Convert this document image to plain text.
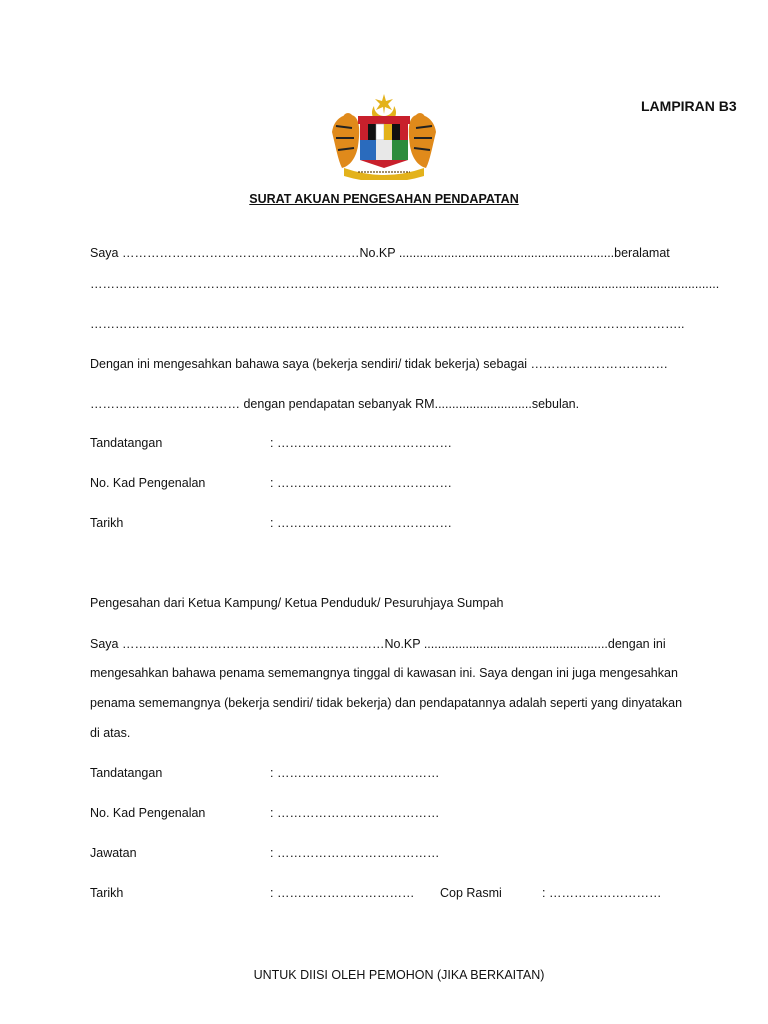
LAMPIRAN B3
SURAT AKUAN PENGESAHAN PENDAPATAN
Saya …………………………………………………No.KP ..............................................................beralamat
…………………………………………………………………………………………………................................................
……………………………………………………………………………………………………………………………..
Dengan ini mengesahkan bahawa saya (bekerja sendiri/ tidak bekerja) sebagai ……………………………
……………………………… dengan pendapatan sebanyak RM............................sebulan.
Tandatangan	: ……………………………………
No. Kad Pengenalan	: ……………………………………
Tarikh	: ……………………………………
Pengesahan dari Ketua Kampung/ Ketua Penduduk/ Pesuruhjaya Sumpah
Saya ………………………………………………………No.KP .....................................................dengan ini
mengesahkan bahawa penama sememangnya tinggal di kawasan ini. Saya dengan ini juga mengesahkan
penama sememangnya (bekerja sendiri/ tidak bekerja) dan pendapatannya adalah seperti yang dinyatakan
di atas.
Tandatangan	: …………………………………
No. Kad Pengenalan	: …………………………………
Jawatan	: …………………………………
Tarikh	: …………………………… Cop Rasmi	: ………………………
UNTUK DIISI OLEH PEMOHON (JIKA BERKAITAN)
